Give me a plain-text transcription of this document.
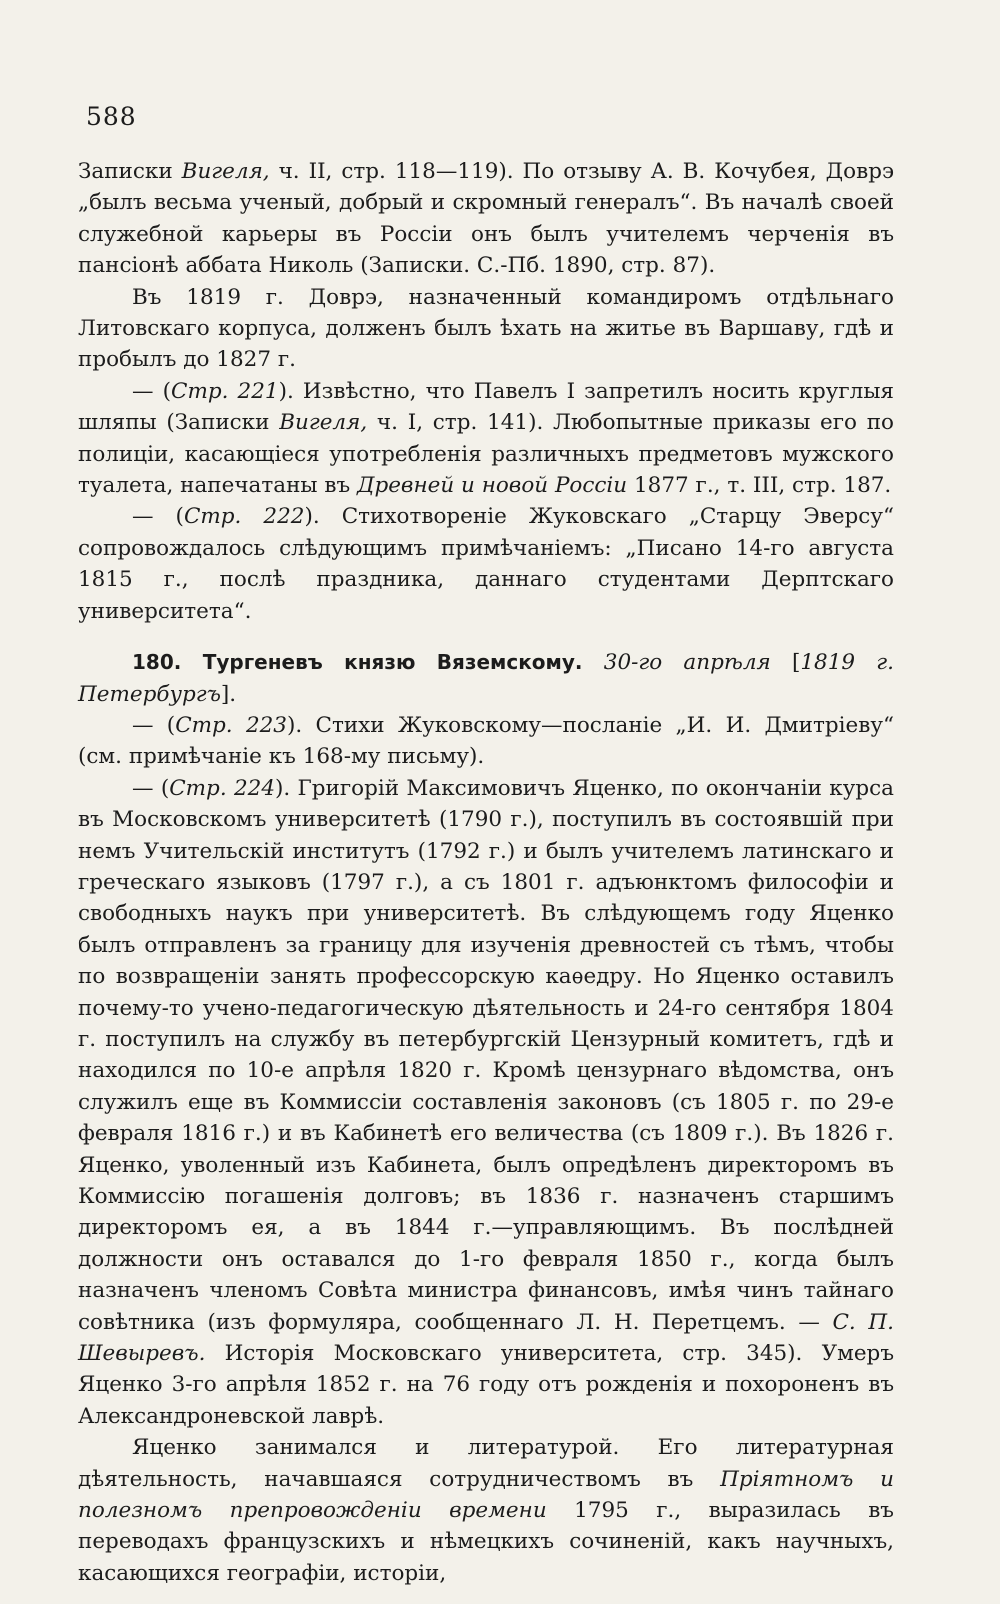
588

Записки Вигеля, ч. II, стр. 118—119). По отзыву А. В. Кочубея, Доврэ „былъ весьма ученый, добрый и скромный генералъ“. Въ началѣ своей служебной карьеры въ Россіи онъ былъ учителемъ черченія въ пансіонѣ аббата Николь (Записки. С.-Пб. 1890, стр. 87).

Въ 1819 г. Доврэ, назначенный командиромъ отдѣльнаго Литовскаго корпуса, долженъ былъ ѣхать на житье въ Варшаву, гдѣ и пробылъ до 1827 г.

— (Стр. 221). Извѣстно, что Павелъ I запретилъ носить круглыя шляпы (Записки Вигеля, ч. I, стр. 141). Любопытные приказы его по полиціи, касающіеся употребленія различныхъ предметовъ мужского туалета, напечатаны въ Древней и новой Россіи 1877 г., т. III, стр. 187.

— (Стр. 222). Стихотвореніе Жуковскаго „Старцу Эверсу“ сопровождалось слѣдующимъ примѣчаніемъ: „Писано 14-го августа 1815 г., послѣ праздника, даннаго студентами Дерптскаго университета“.

180. Тургеневъ князю Вяземскому. 30-го апрѣля [1819 г. Петербургъ].

— (Стр. 223). Стихи Жуковскому—посланіе „И. И. Дмитріеву“ (см. примѣчаніе къ 168-му письму).

— (Стр. 224). Григорій Максимовичъ Яценко, по окончаніи курса въ Московскомъ университетѣ (1790 г.), поступилъ въ состоявшій при немъ Учительскій институтъ (1792 г.) и былъ учителемъ латинскаго и греческаго языковъ (1797 г.), а съ 1801 г. адъюнктомъ философіи и свободныхъ наукъ при университетѣ. Въ слѣдующемъ году Яценко былъ отправленъ за границу для изученія древностей съ тѣмъ, чтобы по возвращеніи занять профессорскую каѳедру. Но Яценко оставилъ почему-то учено-педагогическую дѣятельность и 24-го сентября 1804 г. поступилъ на службу въ петербургскій Цензурный комитетъ, гдѣ и находился по 10-е апрѣля 1820 г. Кромѣ цензурнаго вѣдомства, онъ служилъ еще въ Коммиссіи составленія законовъ (съ 1805 г. по 29-е февраля 1816 г.) и въ Кабинетѣ его величества (съ 1809 г.). Въ 1826 г. Яценко, уволенный изъ Кабинета, былъ опредѣленъ директоромъ въ Коммиссію погашенія долговъ; въ 1836 г. назначенъ старшимъ директоромъ ея, а въ 1844 г.—управляющимъ. Въ послѣдней должности онъ оставался до 1-го февраля 1850 г., когда былъ назначенъ членомъ Совѣта министра финансовъ, имѣя чинъ тайнаго совѣтника (изъ формуляра, сообщеннаго Л. Н. Перетцемъ. — С. П. Шевыревъ. Исторія Московскаго университета, стр. 345). Умеръ Яценко 3-го апрѣля 1852 г. на 76 году отъ рожденія и похороненъ въ Александроневской лаврѣ.

Яценко занимался и литературой. Его литературная дѣятельность, начавшаяся сотрудничествомъ въ Пріятномъ и полезномъ препровожденіи времени 1795 г., выразилась въ переводахъ французскихъ и нѣмецкихъ сочиненій, какъ научныхъ, касающихся географіи, исторіи,
